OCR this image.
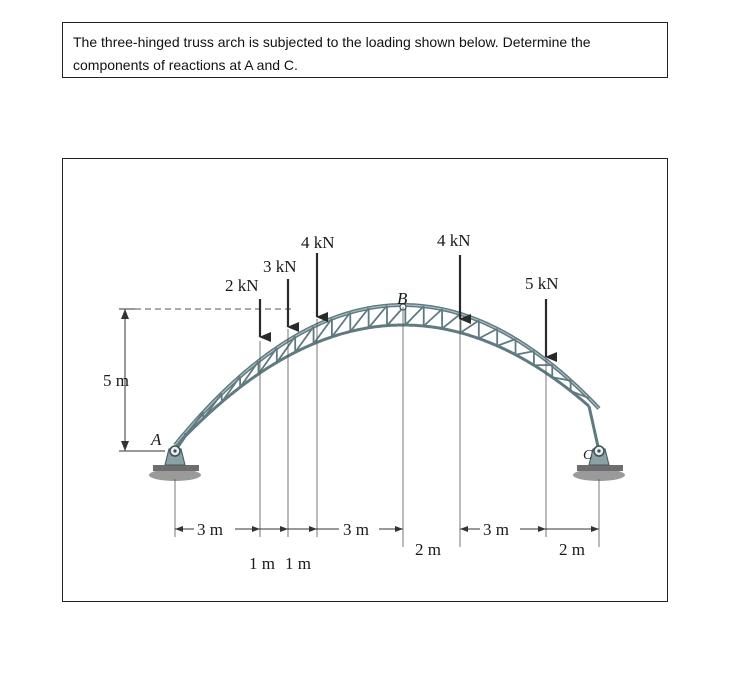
The three-hinged truss arch is subjected to the loading shown below. Determine the components of reactions at A and C.
5 m
A
B
C
2 kN
3 kN
4 kN	4 kN
5 kN
3 m
1 m 1 m
3 m
2 m
3 m
2 m
